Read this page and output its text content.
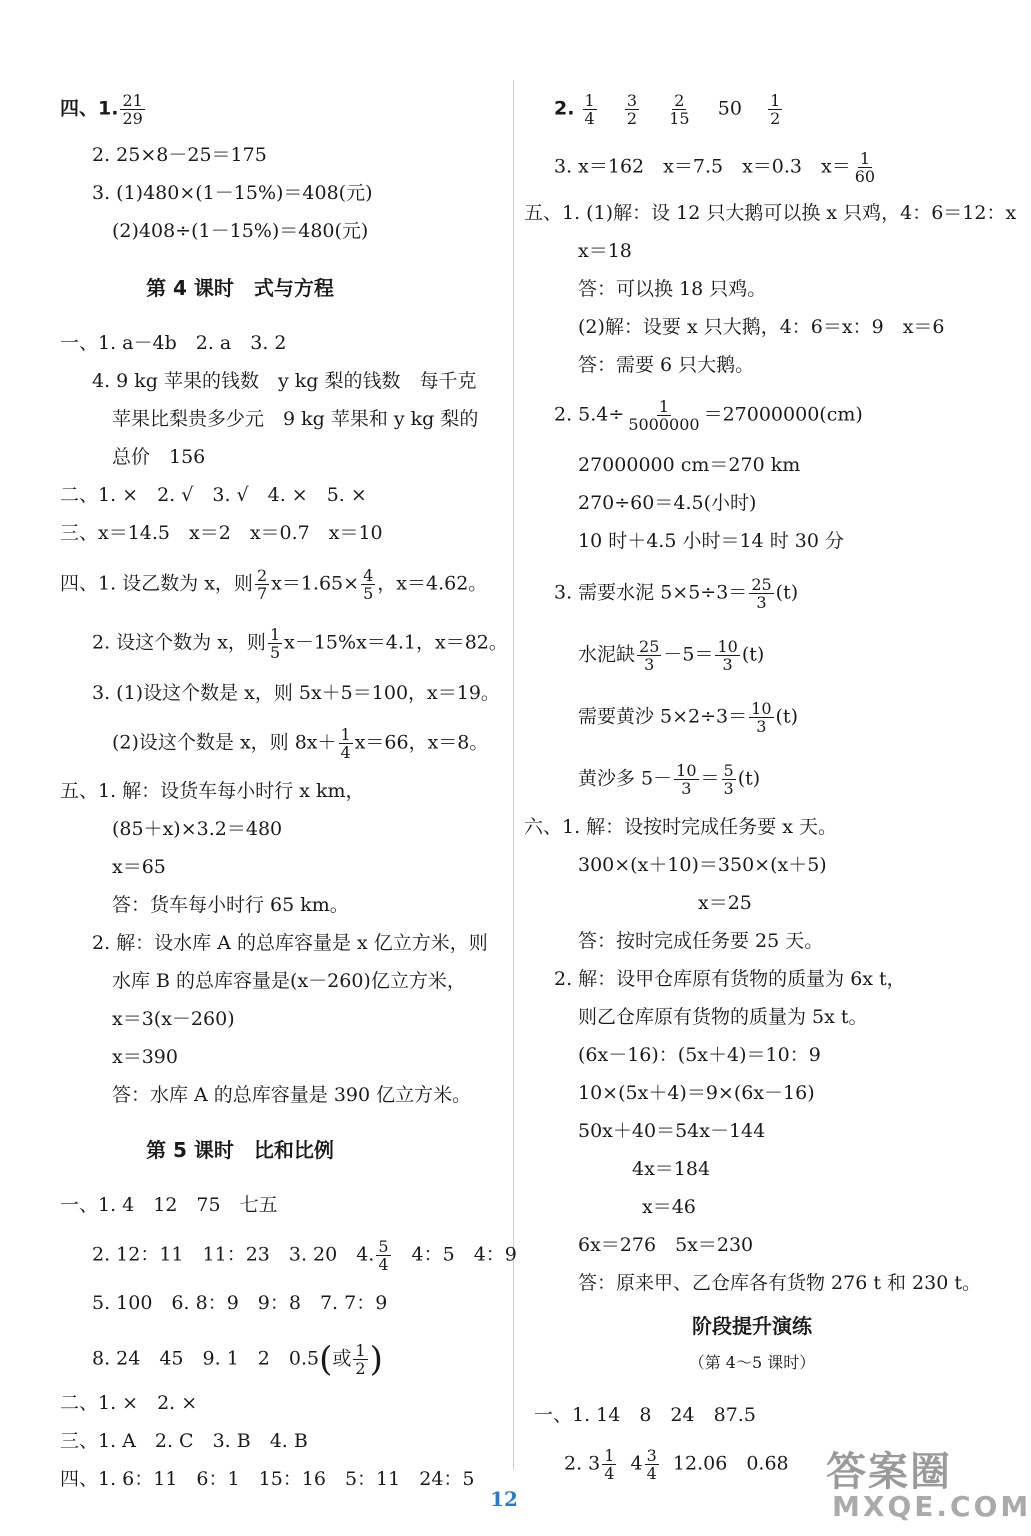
四、1. $\frac{21}{29}$
2. 25×8－25＝175
3. (1)480×(1－15%)＝408(元)
(2)408÷(1－15%)＝480(元)
第 4 课时　式与方程
一、1. a－4b　2. a　3. 2
4. 9 kg 苹果的钱数　y kg 梨的钱数　每千克
苹果比梨贵多少元　9 kg 苹果和 y kg 梨的
总价　156
二、1. ×　2. √　3. √　4. ×　5. ×
三、x＝14.5　x＝2　x＝0.7　x＝10
四、1. 设乙数为 x，则 $\frac{2}{7} x=1.65\times \frac{4}{5}$ ，x＝4.62。
2. 设这个数为 x，则 $\frac{1}{5} x-15\%x=4.1$，x＝82。
3. (1)设这个数是 x，则 5x＋5＝100，x＝19。
(2)设这个数是 x，则 $8x+ \frac{1}{4} x=66$，x＝8。
五、1. 解：设货车每小时行 x km，
(85＋x)×3.2＝480
x＝65
答：货车每小时行 65 km。
2. 解：设水库 A 的总库容量是 x 亿立方米，则
水库 B 的总库容量是(x－260)亿立方米，
x＝3(x－260)
x＝390
答：水库 A 的总库容量是 390 亿立方米。
第 5 课时　比和比例
一、1. 4　12　75　七五
2. 12：11　11：23　3. 20　4. $\frac{5}{4}$ 　4：5　4：9
5. 100　6. 8：9　9：8　7. 7：9
8. 24　45　9. 1　2　0.5(或 $\frac{1}{2}$ )
二、1. ×　2. ×
三、1. A　2. C　3. B　4. B
四、1. 6：11　6：1　15：16　5：11　24：5
2. $\frac{1}{4}$
$\frac{3}{2}$
$\frac{2}{15} 50 \frac{1}{2}$
3. x＝162　x＝7.5　x＝0.3　$x= \frac{1}{60}$
五、1. (1)解：设 12 只大鹅可以换 x 只鸡，4：6＝12：x
x＝18
答：可以换 18 只鸡。
(2)解：设要 x 只大鹅，4：6＝x：9　x＝6
答：需要 6 只大鹅。
2. $5.4\div \frac{1}{5000000} =27000000(cm)$
27000000 cm＝270 km
270÷60＝4.5(小时)
10 时＋4.5 小时＝14 时 30 分
3. 需要水泥 $5\times 5\div 3= \frac{25}{3} (t)$
水泥缺 $\frac{25}{3} -5= \frac{10}{3} (t)$
需要黄沙 $5\times 2\div 3= \frac{10}{3} (t)$
黄沙多 $5- \frac{10}{3} = \frac{5}{3} (t)$
六、1. 解：设按时完成任务要 x 天。
300×(x＋10)＝350×(x＋5)
x＝25
答：按时完成任务要 25 天。
2. 解：设甲仓库原有货物的质量为 6x t，
则乙仓库原有货物的质量为 5x t。
(6x－16)：(5x＋4)＝10：9
10×(5x＋4)＝9×(6x－16)
50x＋40＝54x－144
4x＝184
x＝46
6x＝276　5x＝230
答：原来甲、乙仓库各有货物 276 t 和 230 t。
阶段提升演练
（第 4～5 课时）
一、1. 14　8　24　87.5
2. $3 \frac{1}{4} 4 \frac{3}{4} 12.06$　0.68
12
答案圈
MXQE.COM
